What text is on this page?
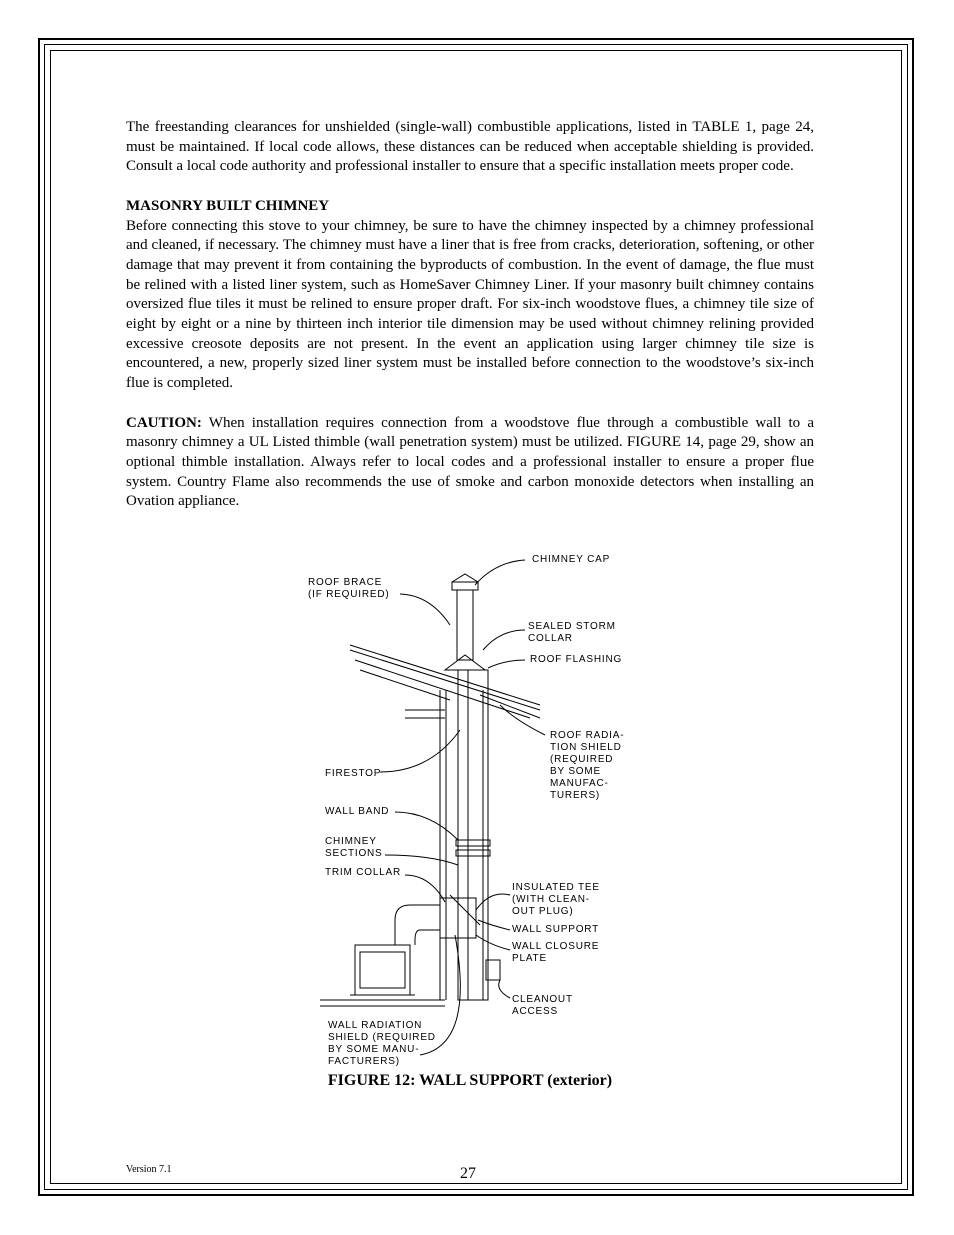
The freestanding clearances for unshielded (single-wall) combustible applications, listed in TABLE 1, page 24, must be maintained. If local code allows, these distances can be reduced when acceptable shielding is provided. Consult a local code authority and professional installer to ensure that a specific installation meets proper code.

MASONRY BUILT CHIMNEY

Before connecting this stove to your chimney, be sure to have the chimney inspected by a chimney professional and cleaned, if necessary. The chimney must have a liner that is free from cracks, deterioration, softening, or other damage that may prevent it from containing the byproducts of combustion. In the event of damage, the flue must be relined with a listed liner system, such as HomeSaver Chimney Liner. If your masonry built chimney contains oversized flue tiles it must be relined to ensure proper draft. For six-inch woodstove flues, a chimney tile size of eight by eight or a nine by thirteen inch interior tile dimension may be used without chimney relining provided excessive creosote deposits are not present. In the event an application using larger chimney tile size is encountered, a new, properly sized liner system must be installed before connection to the woodstove’s six-inch flue is completed.

CAUTION: When installation requires connection from a woodstove flue through a combustible wall to a masonry chimney a UL Listed thimble (wall penetration system) must be utilized. FIGURE 14, page 29, show an optional thimble installation. Always refer to local codes and a professional installer to ensure a proper flue system. Country Flame also recommends the use of smoke and carbon monoxide detectors when installing an Ovation appliance.

ROOF BRACE
(IF REQUIRED)
CHIMNEY CAP
SEALED STORM
COLLAR
ROOF FLASHING
ROOF RADIA-
TION SHIELD
(REQUIRED
BY SOME
MANUFAC-
TURERS)
FIRESTOP
WALL BAND
CHIMNEY
SECTIONS
TRIM COLLAR
INSULATED TEE
(WITH CLEAN-
OUT PLUG)
WALL SUPPORT
WALL CLOSURE
PLATE
CLEANOUT
ACCESS
WALL RADIATION
SHIELD (REQUIRED
BY SOME MANU-
FACTURERS)
FIGURE 12: WALL SUPPORT (exterior)
Version 7.1	27
